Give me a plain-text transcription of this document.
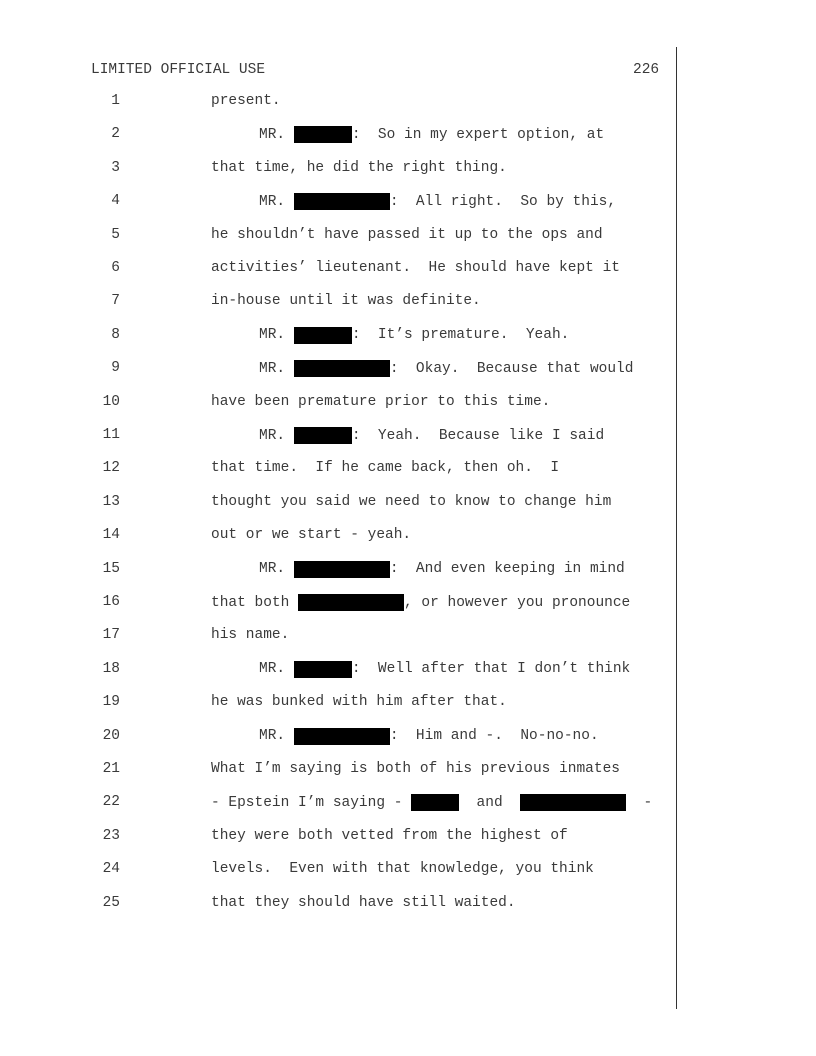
LIMITED OFFICIAL USE	226
1	present.
2	MR.	:  So in my expert option, at
3	that time, he did the right thing.
4	MR.	:  All right.  So by this,
5	he shouldn’t have passed it up to the ops and
6	activities’ lieutenant.  He should have kept it
7	in-house until it was definite.
8	MR.	:  It’s premature.  Yeah.
9	MR.	:  Okay.  Because that would
10	have been premature prior to this time.
11	MR.	:  Yeah.  Because like I said
12	that time.  If he came back, then oh.  I
13	thought you said we need to know to change him
14	out or we start - yeah.
15	MR.	:  And even keeping in mind
16	that both	, or however you pronounce
17	his name.
18	MR.	:  Well after that I don’t think
19	he was bunked with him after that.
20	MR.	:  Him and -.  No-no-no.
21	What I’m saying is both of his previous inmates
22	- Epstein I’m saying -	and	-
23	they were both vetted from the highest of
24	levels.  Even with that knowledge, you think
25	that they should have still waited.
